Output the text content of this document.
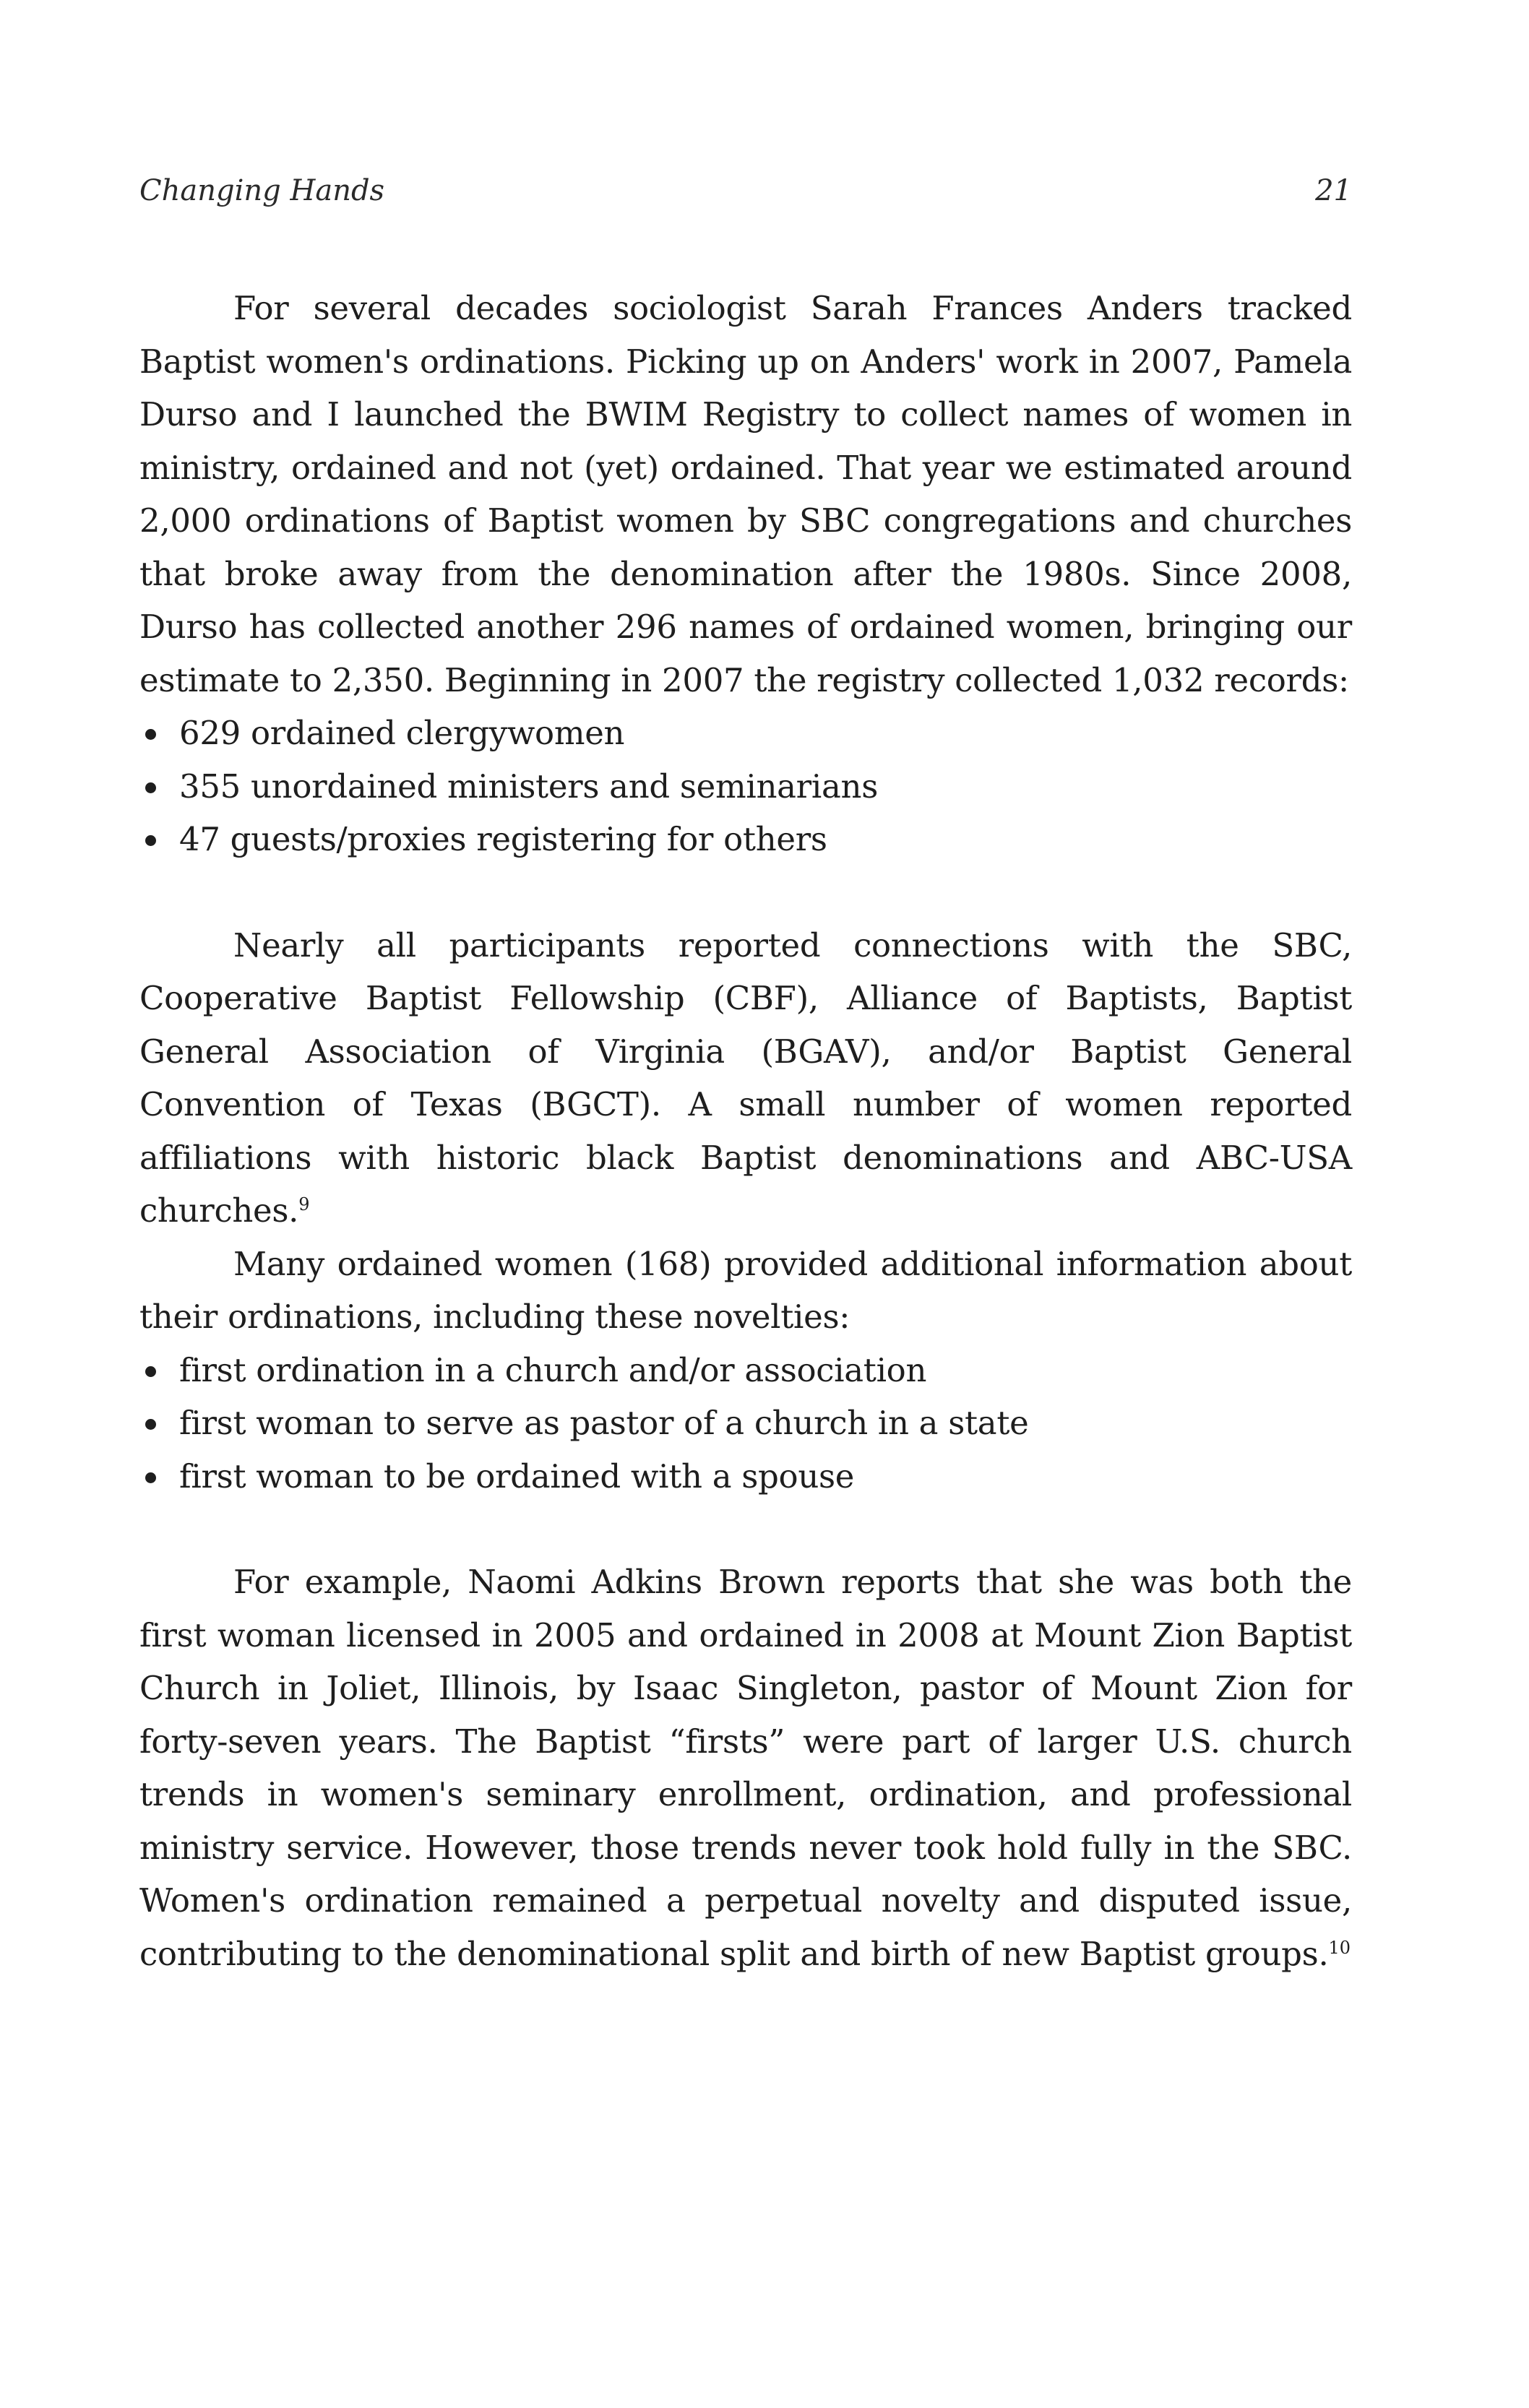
Changing Hands	21

For several decades sociologist Sarah Frances Anders tracked Baptist women's ordinations. Picking up on Anders' work in 2007, Pamela Durso and I launched the BWIM Registry to collect names of women in ministry, ordained and not (yet) ordained. That year we estimated around 2,000 ordinations of Baptist women by SBC congregations and churches that broke away from the denomination after the 1980s. Since 2008, Durso has collected another 296 names of ordained women, bringing our estimate to 2,350. Beginning in 2007 the registry collected 1,032 records:

629 ordained clergywomen
355 unordained ministers and seminarians
47 guests/proxies registering for others

Nearly all participants reported connections with the SBC, Cooperative Baptist Fellowship (CBF), Alliance of Baptists, Baptist General Association of Virginia (BGAV), and/or Baptist General Convention of Texas (BGCT). A small number of women reported affiliations with historic black Baptist denominations and ABC-USA churches.$^9$

Many ordained women (168) provided additional information about their ordinations, including these novelties:

first ordination in a church and/or association
first woman to serve as pastor of a church in a state
first woman to be ordained with a spouse

For example, Naomi Adkins Brown reports that she was both the first woman licensed in 2005 and ordained in 2008 at Mount Zion Baptist Church in Joliet, Illinois, by Isaac Singleton, pastor of Mount Zion for forty-seven years. The Baptist “firsts” were part of larger U.S. church trends in women's seminary enrollment, ordination, and professional ministry service. However, those trends never took hold fully in the SBC. Women's ordination remained a perpetual novelty and disputed issue, contributing to the denominational split and birth of new Baptist groups.$^{10}$
